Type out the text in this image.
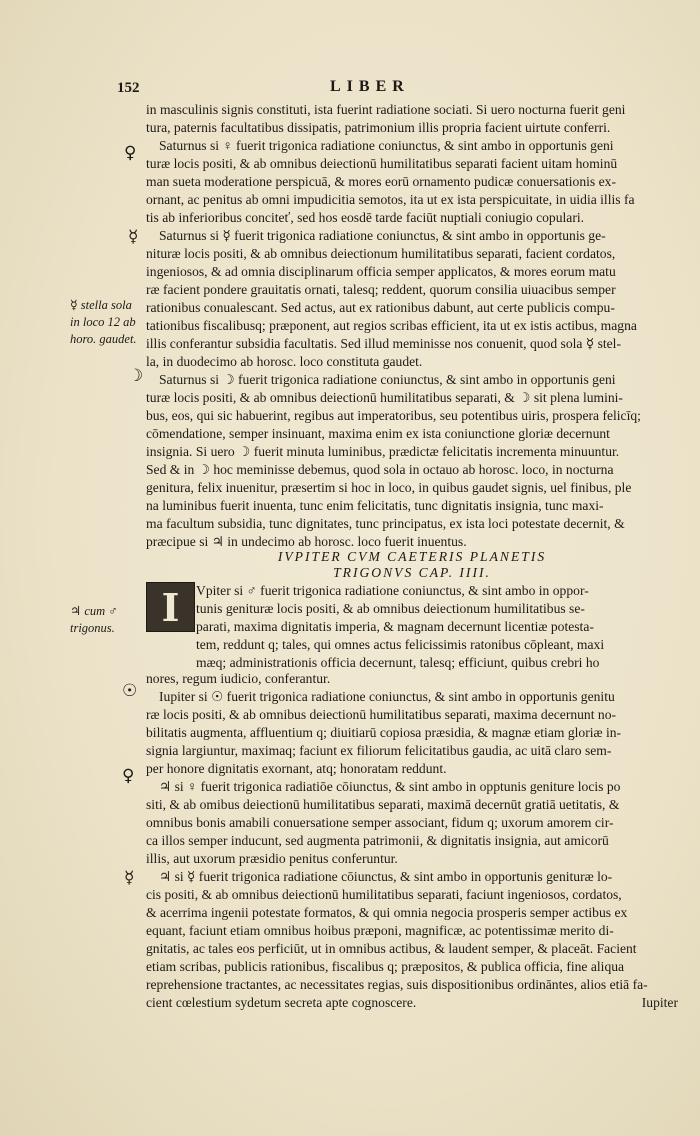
152	LIBER
♀
☿
☽
☉
♀
☿
☿ stella sola
in loco 12 ab
horo. gaudet.
♃ cum ♂
trigonus.
in masculinis signis constituti, ista fuerint radiatione sociati. Si uero nocturna fuerit geni
tura, paternis facultatibus dissipatis, patrimonium illis propria facient uirtute conferri.
Saturnus si ♀ fuerit trigonica radiatione coniunctus, & sint ambo in opportunis geni
turæ locis positi, & ab omnibus deiectionū humilitatibus separati facient uitam hominū
man sueta moderatione perspicuā, & mores eorū ornamento pudicæ conuersationis ex-
ornant, ac penitus ab omni impudicitia semotos, ita ut ex ista perspicuitate, in uidia illis fa
tis ab inferioribus conciteť, sed hos eosdē tarde faciūt nuptiali coniugio copulari.
Saturnus si ☿ fuerit trigonica radiatione coniunctus, & sint ambo in opportunis ge-
nituræ locis positi, & ab omnibus deiectionum humilitatibus separati, facient cordatos,
ingeniosos, & ad omnia disciplinarum officia semper applicatos, & mores eorum matu
ræ facient pondere grauitatis ornati, talesq; reddent, quorum consilia uiuacibus semper
rationibus conualescant. Sed actus, aut ex rationibus dabunt, aut certe publicis compu-
tationibus fiscalibusq; præponent, aut regios scribas efficient, ita ut ex istis actibus, magna
illis conferantur subsidia facultatis. Sed illud meminisse nos conuenit, quod sola ☿ stel-
la, in duodecimo ab horosc. loco constituta gaudet.
Saturnus si ☽ fuerit trigonica radiatione coniunctus, & sint ambo in opportunis geni
turæ locis positi, & ab omnibus deiectionū humilitatibus separati, & ☽ sit plena lumini-
bus, eos, qui sic habuerint, regibus aut imperatoribus, seu potentibus uiris, prospera felicīq;
cōmendatione, semper insinuant, maxima enim ex ista coniunctione gloriæ decernunt
insignia. Si uero ☽ fuerit minuta luminibus, prædictæ felicitatis incrementa minuuntur.
Sed & in ☽ hoc meminisse debemus, quod sola in octauo ab horosc. loco, in nocturna
genitura, felix inuenitur, præsertim si hoc in loco, in quibus gaudet signis, uel finibus, ple
na luminibus fuerit inuenta, tunc enim felicitatis, tunc dignitatis insignia, tunc maxi-
ma facultum subsidia, tunc dignitates, tunc principatus, ex ista loci potestate decernit, &
præcipue si ♃ in undecimo ab horosc. loco fuerit inuentus.
IVPITER CVM CAETERIS PLANETIS
TRIGONVS CAP. IIII.
I Vpiter si ♂ fuerit trigonica radiatione coniunctus, & sint ambo in oppor-
tunis genituræ locis positi, & ab omnibus deiectionum humilitatibus se-
parati, maxima dignitatis imperia, & magnam decernunt licentiæ potesta-
tem, reddunt q; tales, qui omnes actus felicissimis ratonibus cōpleant, maxi
mæq; administrationis officia decernunt, talesq; efficiunt, quibus crebri ho
nores, regum iudicio, conferantur.
Iupiter si ☉ fuerit trigonica radiatione coniunctus, & sint ambo in opportunis genitu
ræ locis positi, & ab omnibus deiectionū humilitatibus separati, maxima decernunt no-
bilitatis augmenta, affluentium q; diuitiarū copiosa præsidia, & magnæ etiam gloriæ in-
signia largiuntur, maximaq; faciunt ex filiorum felicitatibus gaudia, ac uitā claro sem-
per honore dignitatis exornant, atq; honoratam reddunt.
♃ si ♀ fuerit trigonica radiatiōe cōiunctus, & sint ambo in opptunis geniture locis po
siti, & ab omibus deiectionū humilitatibus separati, maximā decernūt gratiā uetitatis, &
omnibus bonis amabili conuersatione semper associant, fidum q; uxorum amorem cir-
ca illos semper inducunt, sed augmenta patrimonii, & dignitatis insignia, aut amicorū
illis, aut uxorum præsidio penitus conferuntur.
♃ si ☿ fuerit trigonica radiatione cōiunctus, & sint ambo in opportunis genituræ lo-
cis positi, & ab omnibus deiectionū humilitatibus separati, faciunt ingeniosos, cordatos,
& acerrima ingenii potestate formatos, & qui omnia negocia prosperis semper actibus ex
equant, faciunt etiam omnibus hoibus præponi, magnificæ, ac potentissimæ merito di-
gnitatis, ac tales eos perficiūt, ut in omnibus actibus, & laudent semper, & placeāt. Facient
etiam scribas, publicis rationibus, fiscalibus q; præpositos, & publica officia, fine aliqua
reprehensione tractantes, ac necessitates regias, suis dispositionibus ordināntes, alios etiā fa-
cient cœlestium sydetum secreta apte cognoscere.	Iupiter
